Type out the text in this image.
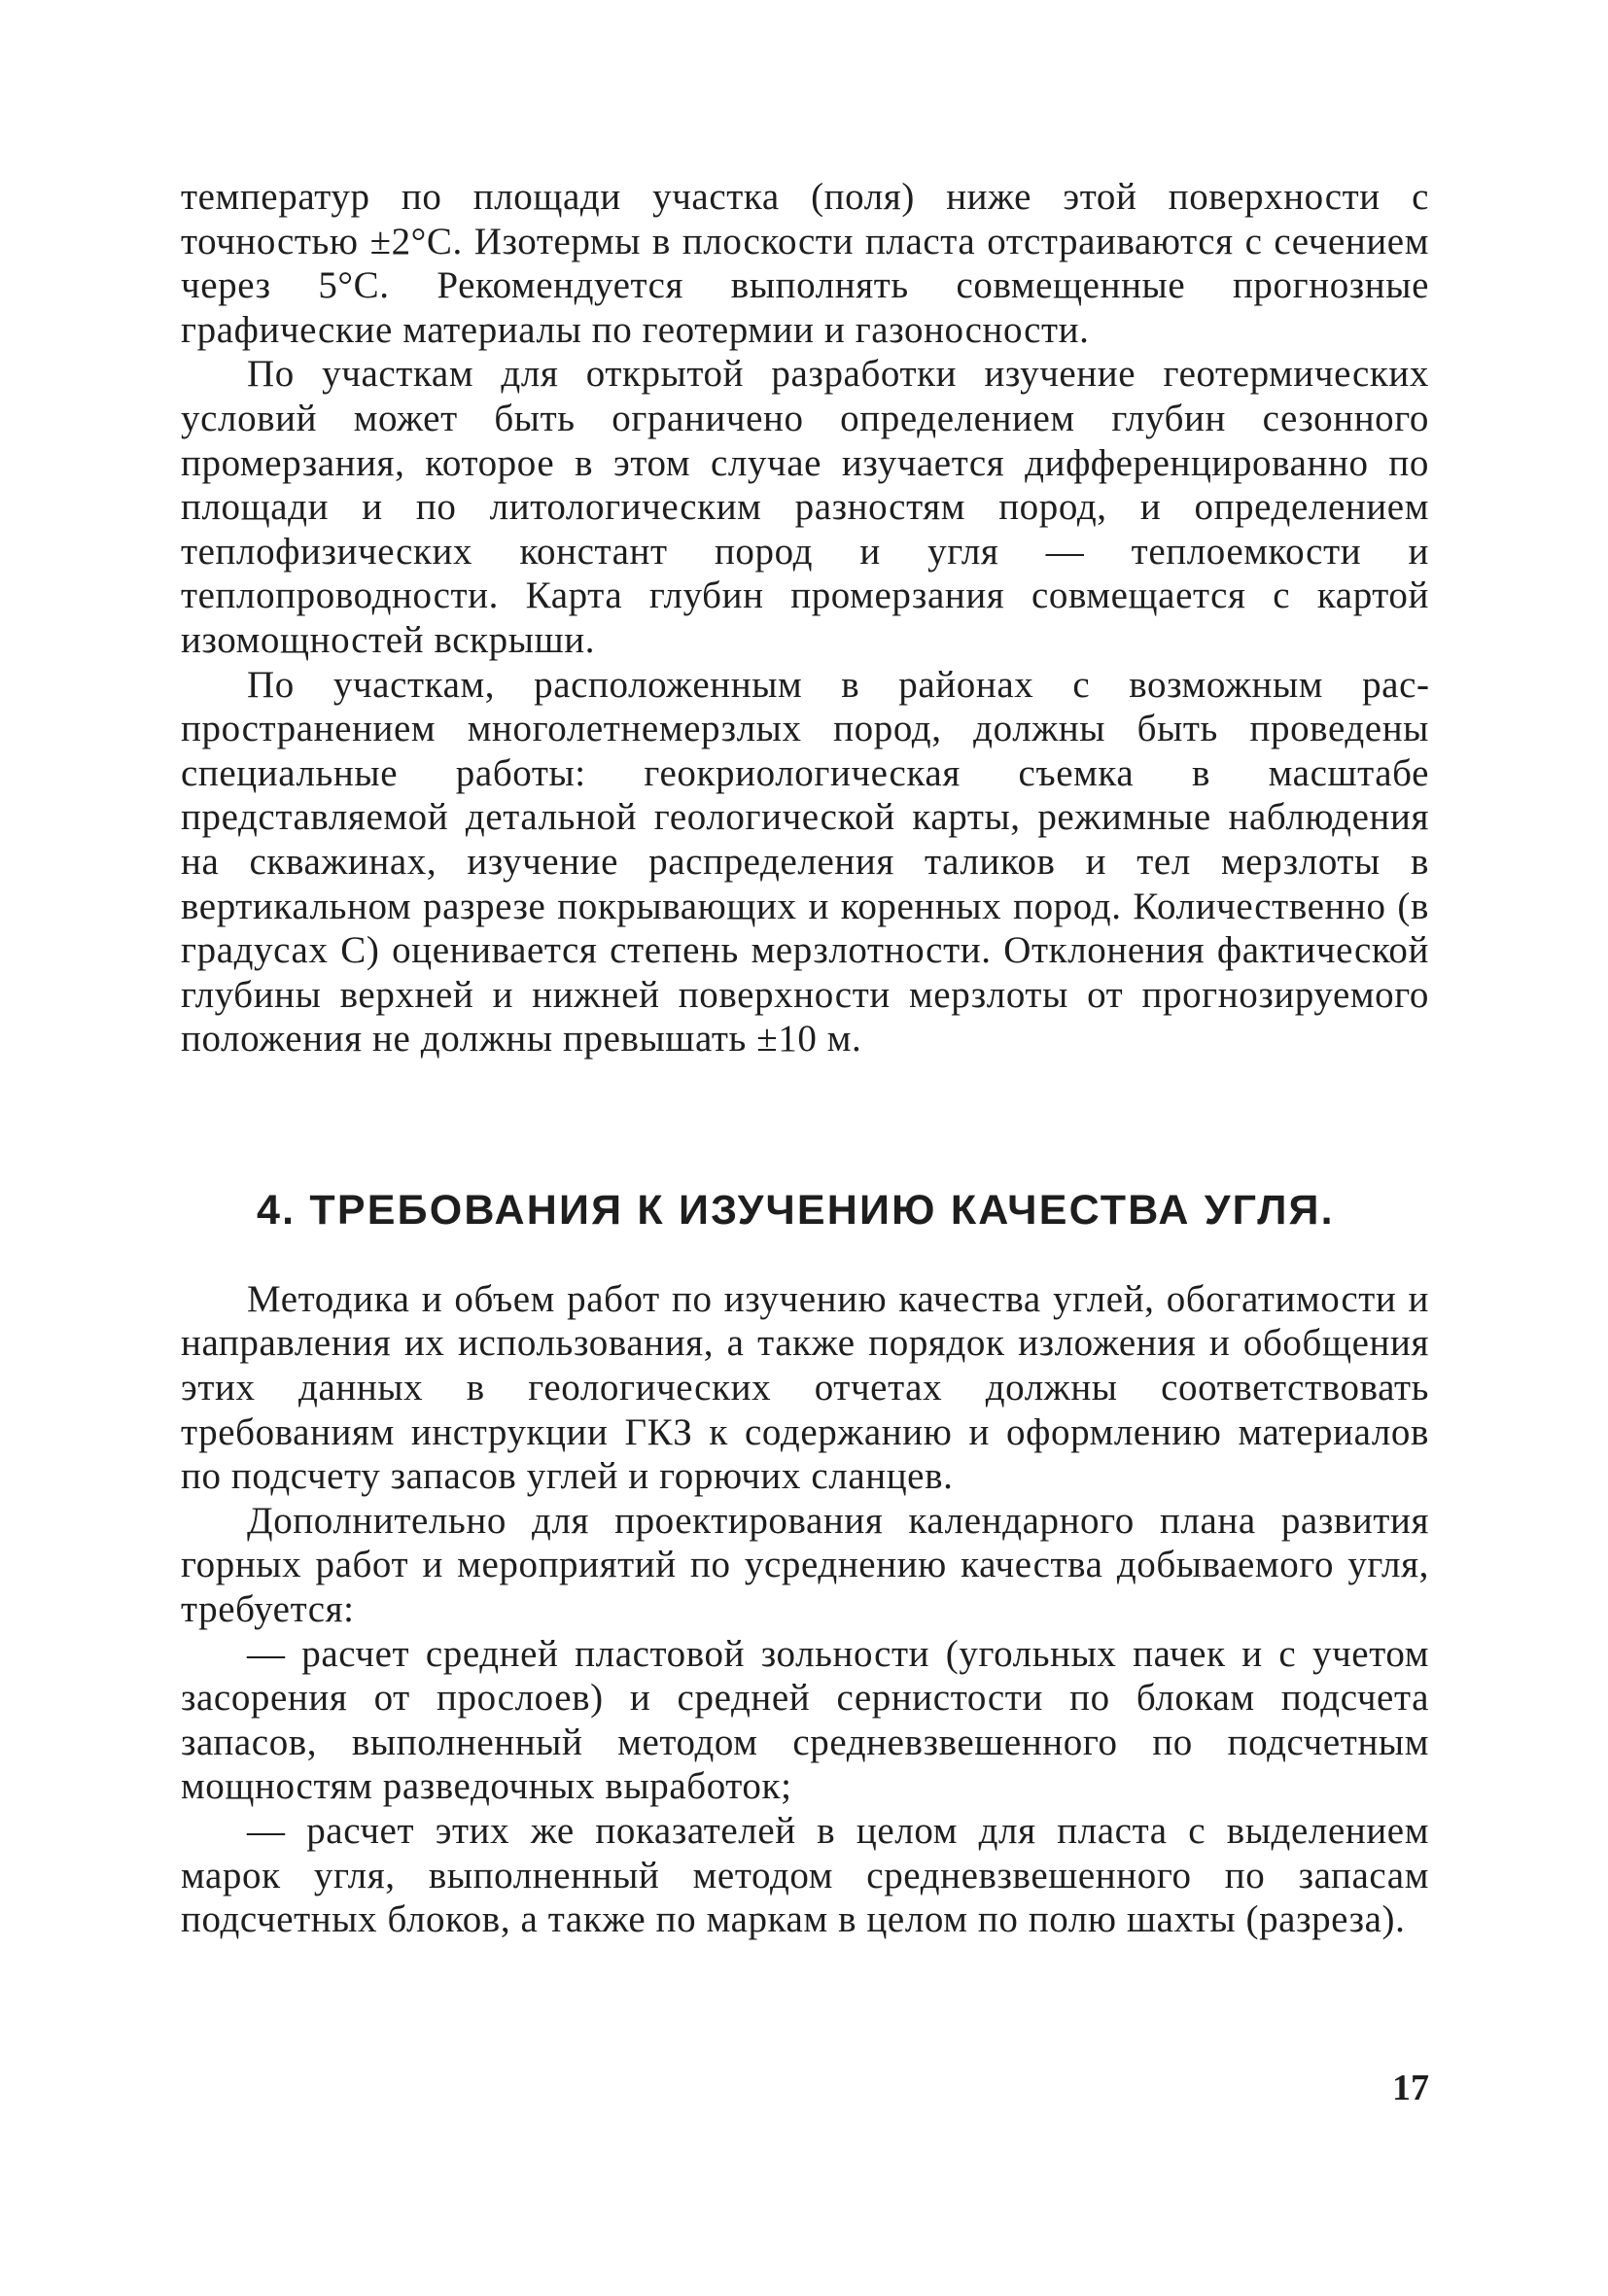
температур по площади участка (поля) ниже этой поверхности с точностью ±2°С. Изотермы в плоскости пласта отстраиваются с сечением через 5°С. Рекомендуется выполнять совмещенные прогнозные графические материалы по геотермии и газоносности.

По участкам для открытой разработки изучение геотермических условий может быть ограничено определением глубин сезонного промерзания, которое в этом случае изучается дифференцированно по площади и по литологическим разностям пород, и определением теплофизических констант пород и угля — теплоемкости и теплопроводности. Карта глубин промерзания совмещается с картой изомощностей вскрыши.

По участкам, расположенным в районах с возможным распространением многолетнемерзлых пород, должны быть проведены специальные работы: геокриологическая съемка в масштабе представляемой детальной геологической карты, режимные наблюдения на скважинах, изучение распределения таликов и тел мерзлоты в вертикальном разрезе покрывающих и коренных пород. Количественно (в градусах С) оценивается степень мерзлотности. Отклонения фактической глубины верхней и нижней поверхности мерзлоты от прогнозируемого положения не должны превышать ±10 м.

4. ТРЕБОВАНИЯ К ИЗУЧЕНИЮ КАЧЕСТВА УГЛЯ.

Методика и объем работ по изучению качества углей, обогатимости и направления их использования, а также порядок изложения и обобщения этих данных в геологических отчетах должны соответствовать требованиям инструкции ГКЗ к содержанию и оформлению материалов по подсчету запасов углей и горючих сланцев.

Дополнительно для проектирования календарного плана развития горных работ и мероприятий по усреднению качества добываемого угля, требуется:

— расчет средней пластовой зольности (угольных пачек и с учетом засорения от прослоев) и средней сернистости по блокам подсчета запасов, выполненный методом средневзвешенного по подсчетным мощностям разведочных выработок;

— расчет этих же показателей в целом для пласта с выделением марок угля, выполненный методом средневзвешенного по запасам подсчетных блоков, а также по маркам в целом по полю шахты (разреза).

17
